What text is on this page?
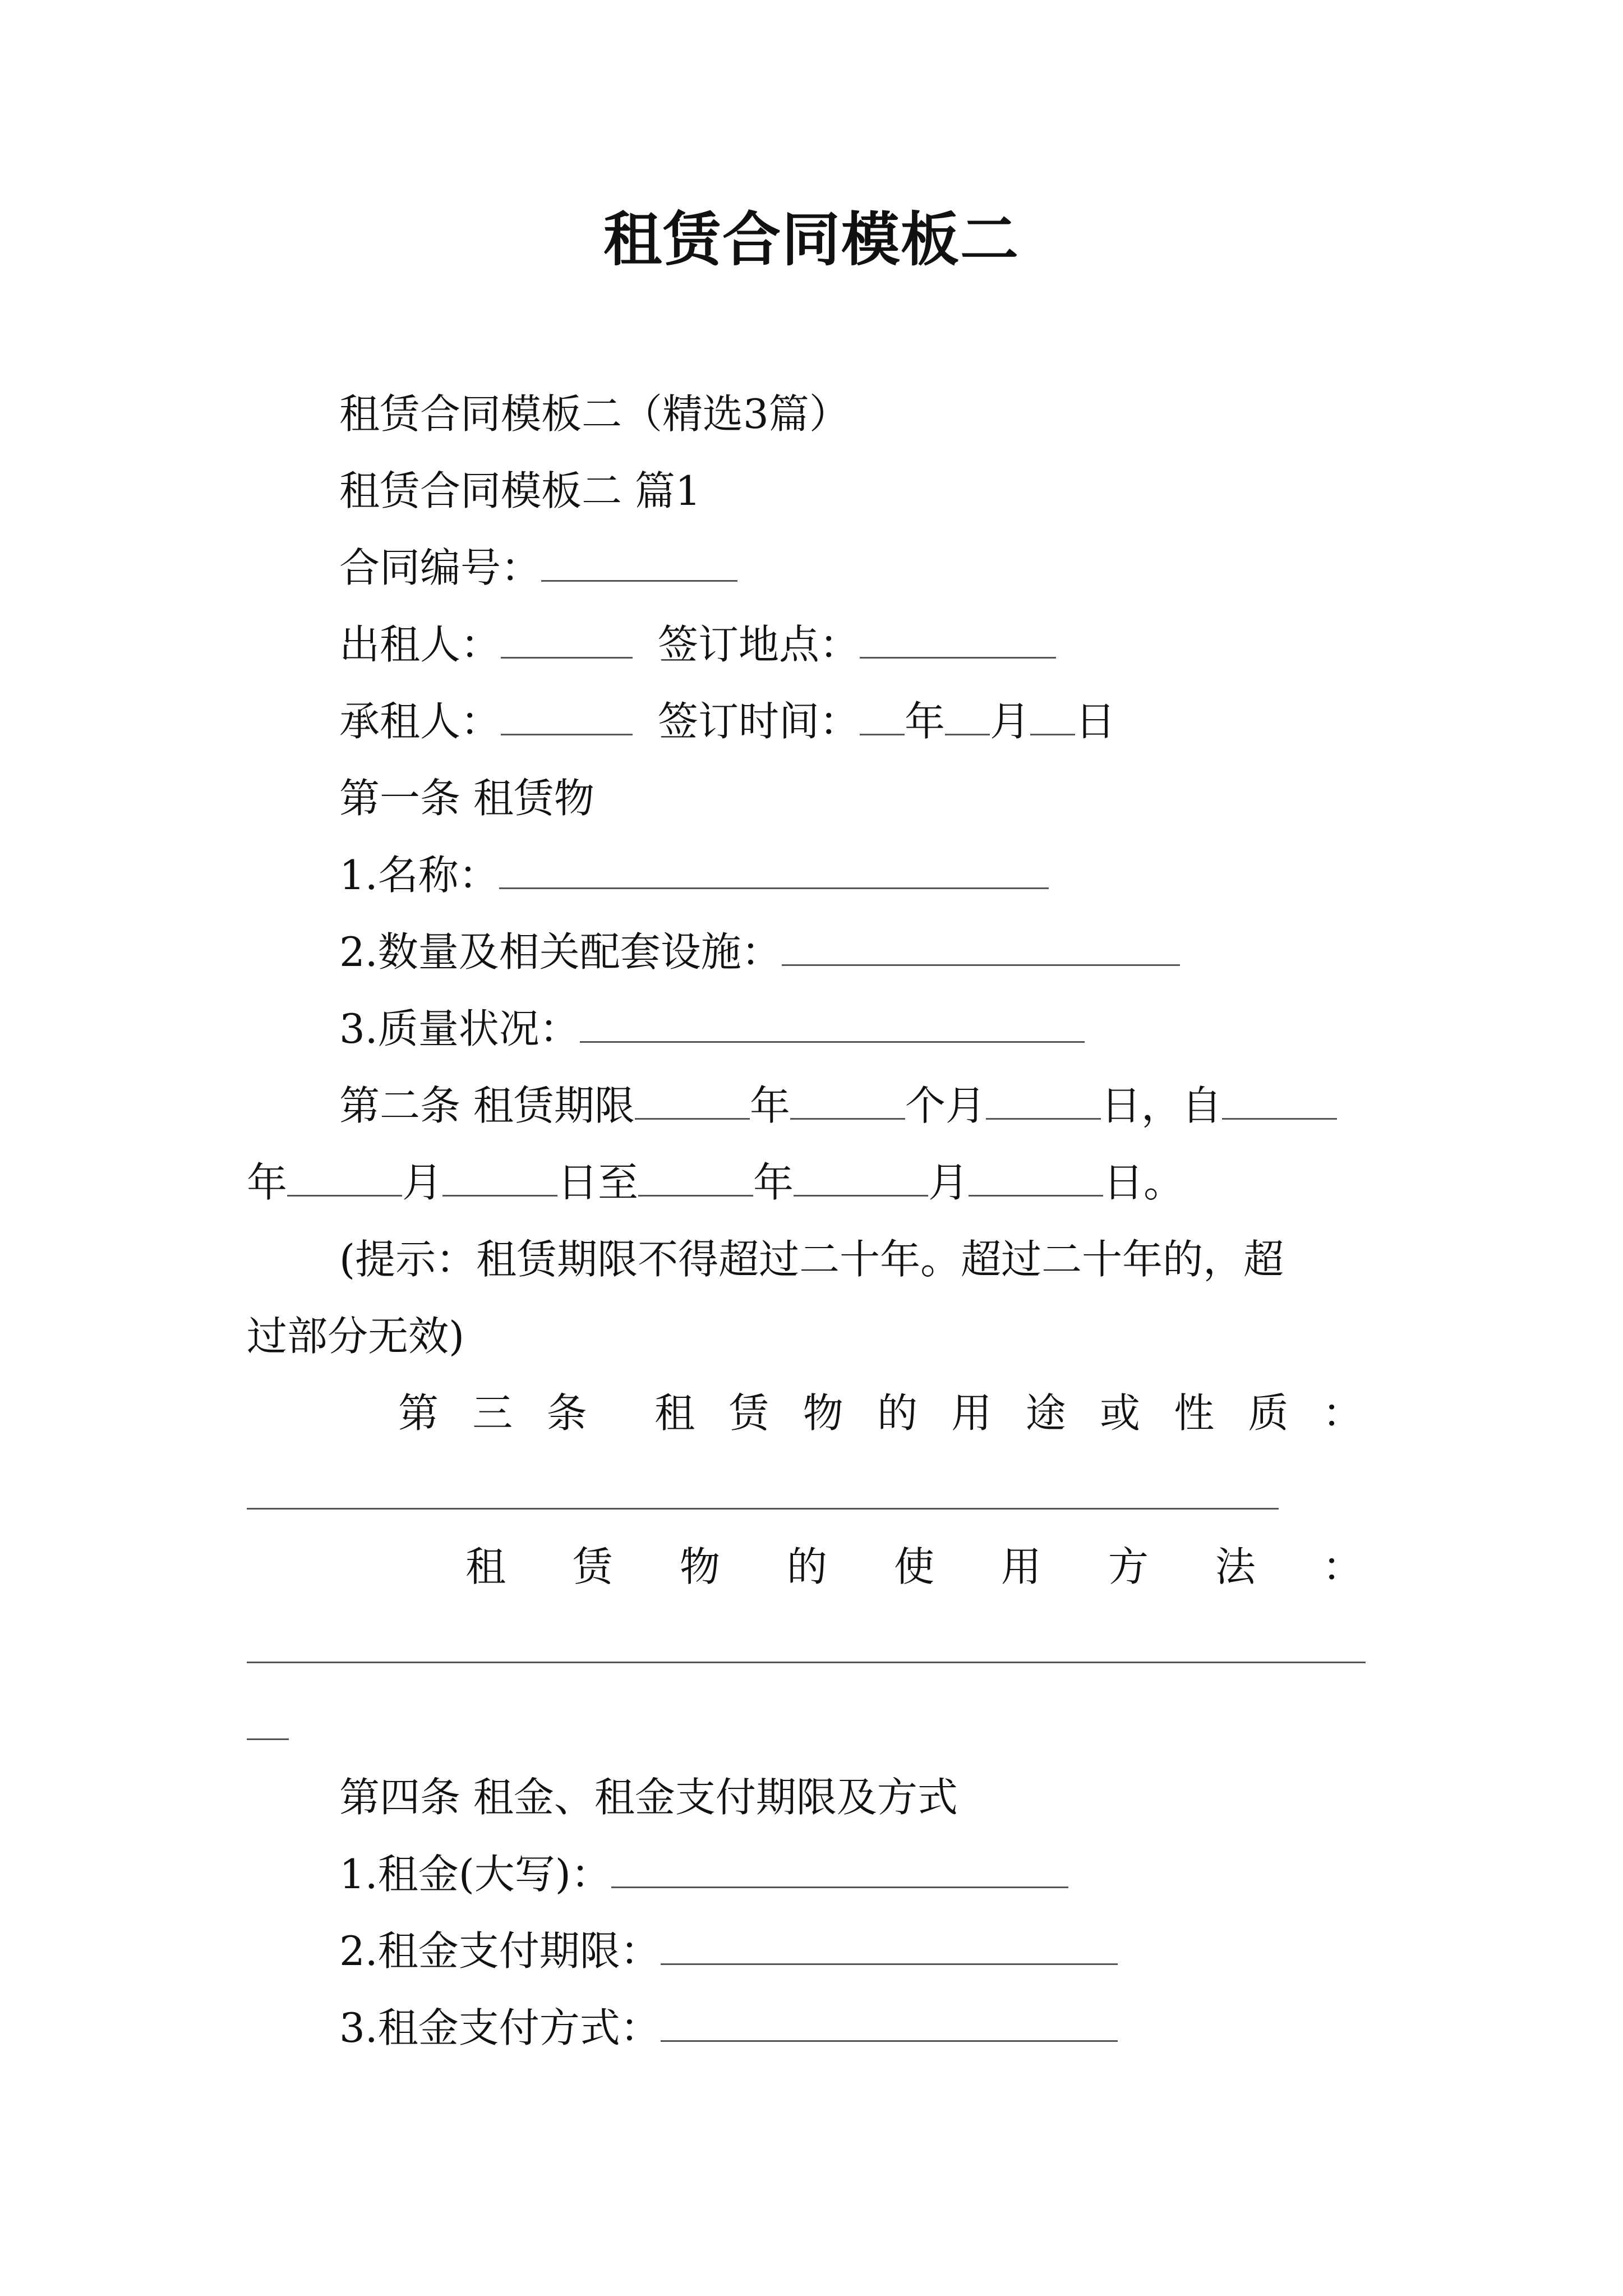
租赁合同模板二
租赁合同模板二（精选3篇）
租赁合同模板二 篇1
合同编号：
出租人：	签订地点：
承租人：	签订时间： 年 月 日
第一条 租赁物
1.名称：
2.数量及相关配套设施：
3.质量状况：
第二条 租赁期限	年	个月	日，自
年	月	日至	年	月	日。
(提示：租赁期限不得超过二十年。超过二十年的，超
过部分无效)
第 三 条 租 赁 物 的 用 途 或 性 质 ：
租 赁 物 的 使 用 方 法 ：
第四条 租金、租金支付期限及方式
1.租金(大写)：
2.租金支付期限：
3.租金支付方式：
